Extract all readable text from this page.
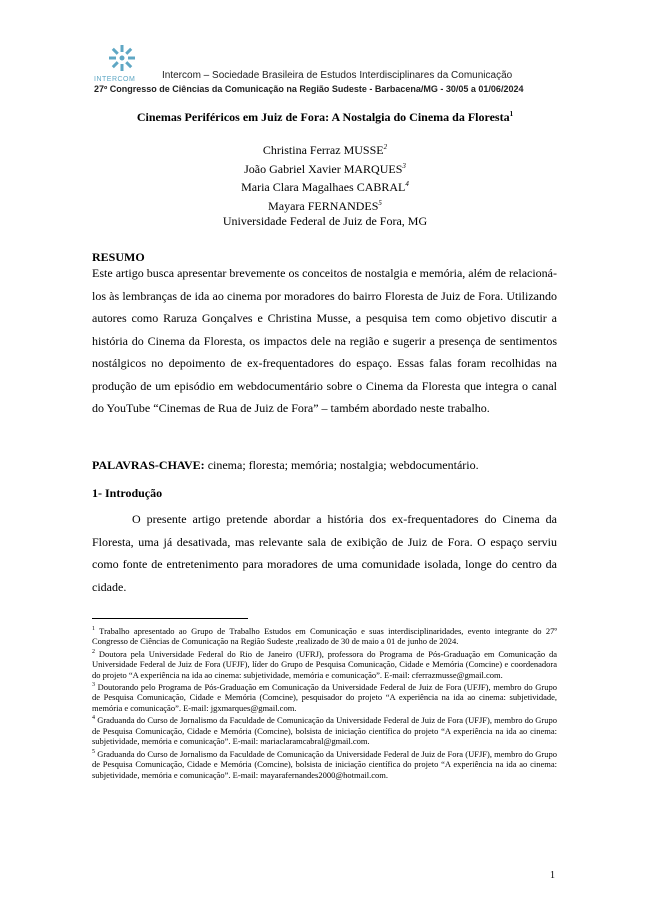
INTERCOM	Intercom – Sociedade Brasileira de Estudos Interdisciplinares da Comunicação
27º Congresso de Ciências da Comunicação na Região Sudeste - Barbacena/MG - 30/05 a 01/06/2024
Cinemas Periféricos em Juiz de Fora: A Nostalgia do Cinema da Floresta$^1$
Christina Ferraz MUSSE$^2$
João Gabriel Xavier MARQUES$^3$
Maria Clara Magalhaes CABRAL$^4$
Mayara FERNANDES$^5$
Universidade Federal de Juiz de Fora, MG
RESUMO
Este artigo busca apresentar brevemente os conceitos de nostalgia e memória, além de relacioná-los às lembranças de ida ao cinema por moradores do bairro Floresta de Juiz de Fora. Utilizando autores como Raruza Gonçalves e Christina Musse, a pesquisa tem como objetivo discutir a história do Cinema da Floresta, os impactos dele na região e sugerir a presença de sentimentos nostálgicos no depoimento de ex-frequentadores do espaço. Essas falas foram recolhidas na produção de um episódio em webdocumentário sobre o Cinema da Floresta que integra o canal do YouTube “Cinemas de Rua de Juiz de Fora” – também abordado neste trabalho.
PALAVRAS-CHAVE: cinema; floresta; memória; nostalgia; webdocumentário.
1- Introdução
O presente artigo pretende abordar a história dos ex-frequentadores do Cinema da Floresta, uma já desativada, mas relevante sala de exibição de Juiz de Fora. O espaço serviu como fonte de entretenimento para moradores de uma comunidade isolada, longe do centro da cidade.
$^1$ Trabalho apresentado ao Grupo de Trabalho Estudos em Comunicação e suas interdisciplinaridades, evento integrante do 27º Congresso de Ciências de Comunicação na Região Sudeste ,realizado de 30 de maio a 01 de junho de 2024.
$^2$ Doutora pela Universidade Federal do Rio de Janeiro (UFRJ), professora do Programa de Pós-Graduação em Comunicação da Universidade Federal de Juiz de Fora (UFJF), líder do Grupo de Pesquisa Comunicação, Cidade e Memória (Comcine) e coordenadora do projeto “A experiência na ida ao cinema: subjetividade, memória e comunicação”. E-mail: cferrazmusse@gmail.com.
$^3$ Doutorando pelo Programa de Pós-Graduação em Comunicação da Universidade Federal de Juiz de Fora (UFJF), membro do Grupo de Pesquisa Comunicação, Cidade e Memória (Comcine), pesquisador do projeto “A experiência na ida ao cinema: subjetividade, memória e comunicação”. E-mail: jgxmarques@gmail.com.
$^4$ Graduanda do Curso de Jornalismo da Faculdade de Comunicação da Universidade Federal de Juiz de Fora (UFJF), membro do Grupo de Pesquisa Comunicação, Cidade e Memória (Comcine), bolsista de iniciação científica do projeto “A experiência na ida ao cinema: subjetividade, memória e comunicação”. E-mail: mariaclaramcabral@gmail.com.
$^5$ Graduanda do Curso de Jornalismo da Faculdade de Comunicação da Universidade Federal de Juiz de Fora (UFJF), membro do Grupo de Pesquisa Comunicação, Cidade e Memória (Comcine), bolsista de iniciação científica do projeto “A experiência na ida ao cinema: subjetividade, memória e comunicação”. E-mail: mayarafernandes2000@hotmail.com.
1
